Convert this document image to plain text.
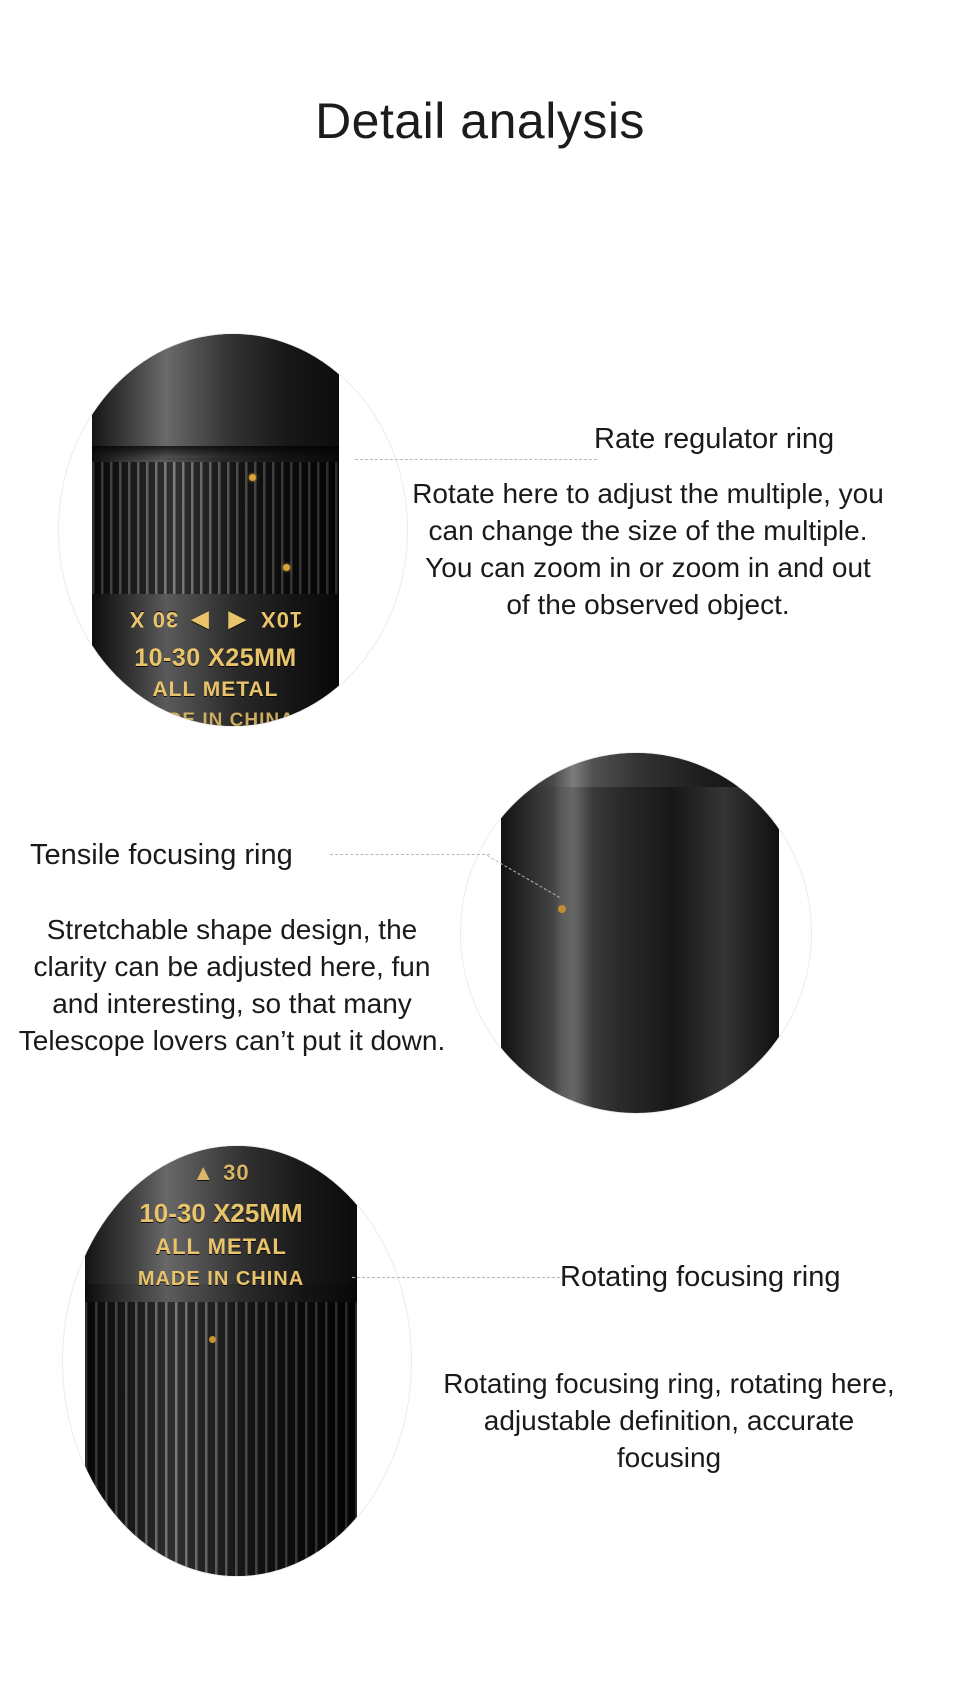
Detail analysis
30 X ◀ ▶ 10X
10-30 X25MM
ALL METAL
MADE IN CHINA
Rate regulator ring
Rotate here to adjust the multiple, you can change the size of the multiple. You can zoom in or zoom in and out of the observed object.
Tensile focusing ring
Stretchable shape design, the clarity can be adjusted here, fun and interesting, so that many Telescope lovers can’t put it down.
▲ 30
10-30 X25MM
ALL METAL
MADE IN CHINA	Rotating focusing ring
Rotating focusing ring, rotating here, adjustable definition, accurate focusing
